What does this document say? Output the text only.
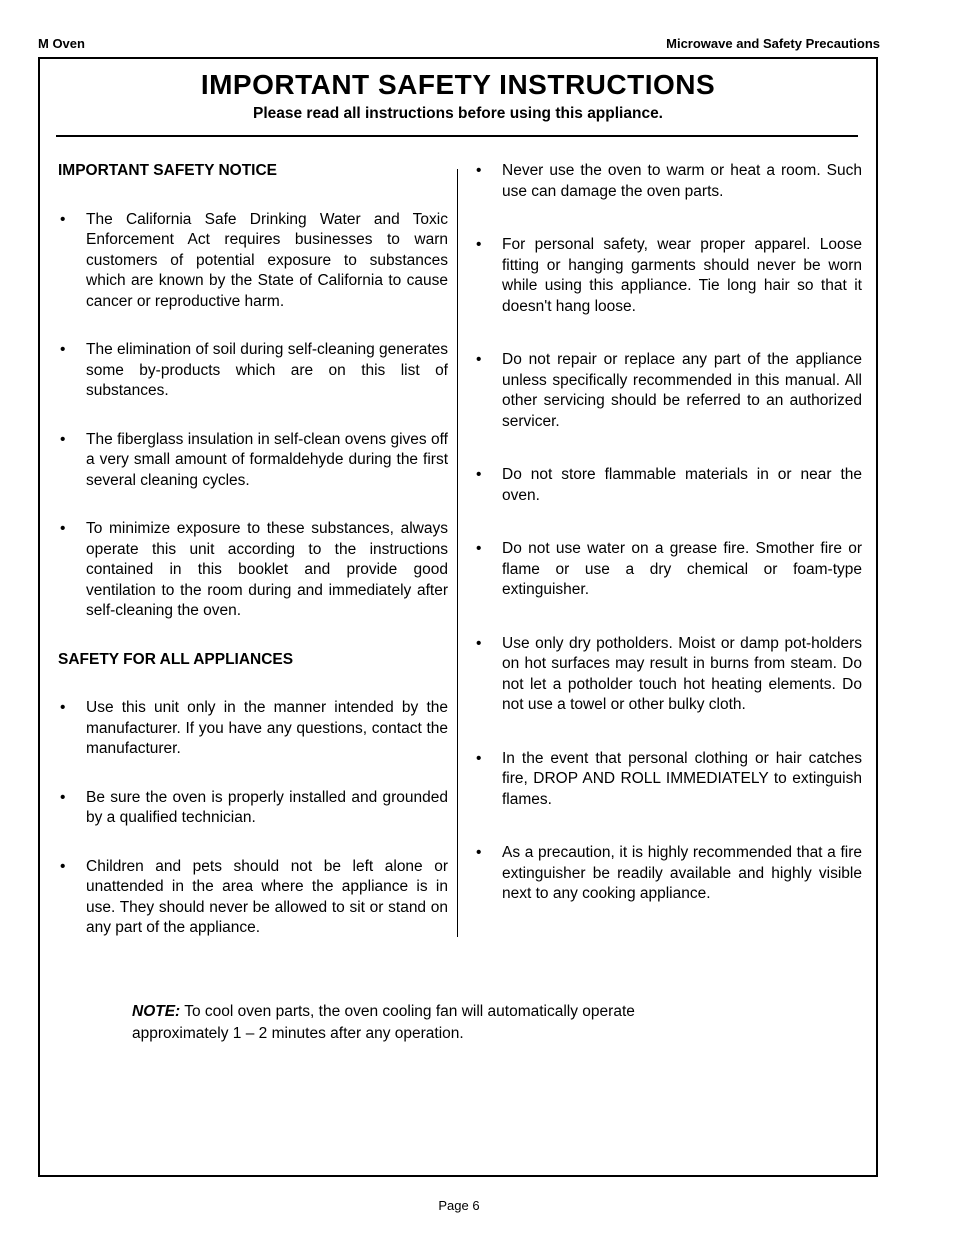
M Oven	Microwave and Safety Precautions
IMPORTANT SAFETY INSTRUCTIONS
Please read all instructions before using this appliance.

IMPORTANT SAFETY NOTICE

• The California Safe Drinking Water and Toxic Enforcement Act requires businesses to warn customers of potential exposure to substances which are known by the State of California to cause cancer or reproductive harm.
• The elimination of soil during self-cleaning generates some by-products which are on this list of substances.
• The fiberglass insulation in self-clean ovens gives off a very small amount of formaldehyde during the first several cleaning cycles.
• To minimize exposure to these substances, always operate this unit according to the instructions contained in this booklet and provide good ventilation to the room during and immediately after self-cleaning the oven.

SAFETY FOR ALL APPLIANCES

• Use this unit only in the manner intended by the manufacturer. If you have any questions, contact the manufacturer.
• Be sure the oven is properly installed and grounded by a qualified technician.
• Children and pets should not be left alone or unattended in the area where the appliance is in use. They should never be allowed to sit or stand on any part of the appliance.
• Never use the oven to warm or heat a room. Such use can damage the oven parts.
• For personal safety, wear proper apparel. Loose fitting or hanging garments should never be worn while using this appliance. Tie long hair so that it doesn't hang loose.
• Do not repair or replace any part of the appliance unless specifically recommended in this manual. All other servicing should be referred to an authorized servicer.
• Do not store flammable materials in or near the oven.
• Do not use water on a grease fire. Smother fire or flame or use a dry chemical or foam-type extinguisher.
• Use only dry potholders. Moist or damp pot-holders on hot surfaces may result in burns from steam. Do not let a potholder touch hot heating elements. Do not use a towel or other bulky cloth.
• In the event that personal clothing or hair catches fire, DROP AND ROLL IMMEDIATELY to extinguish flames.
• As a precaution, it is highly recommended that a fire extinguisher be readily available and highly visible next to any cooking appliance.
NOTE: To cool oven parts, the oven cooling fan will automatically operate approximately 1 – 2 minutes after any operation.
Page 6
